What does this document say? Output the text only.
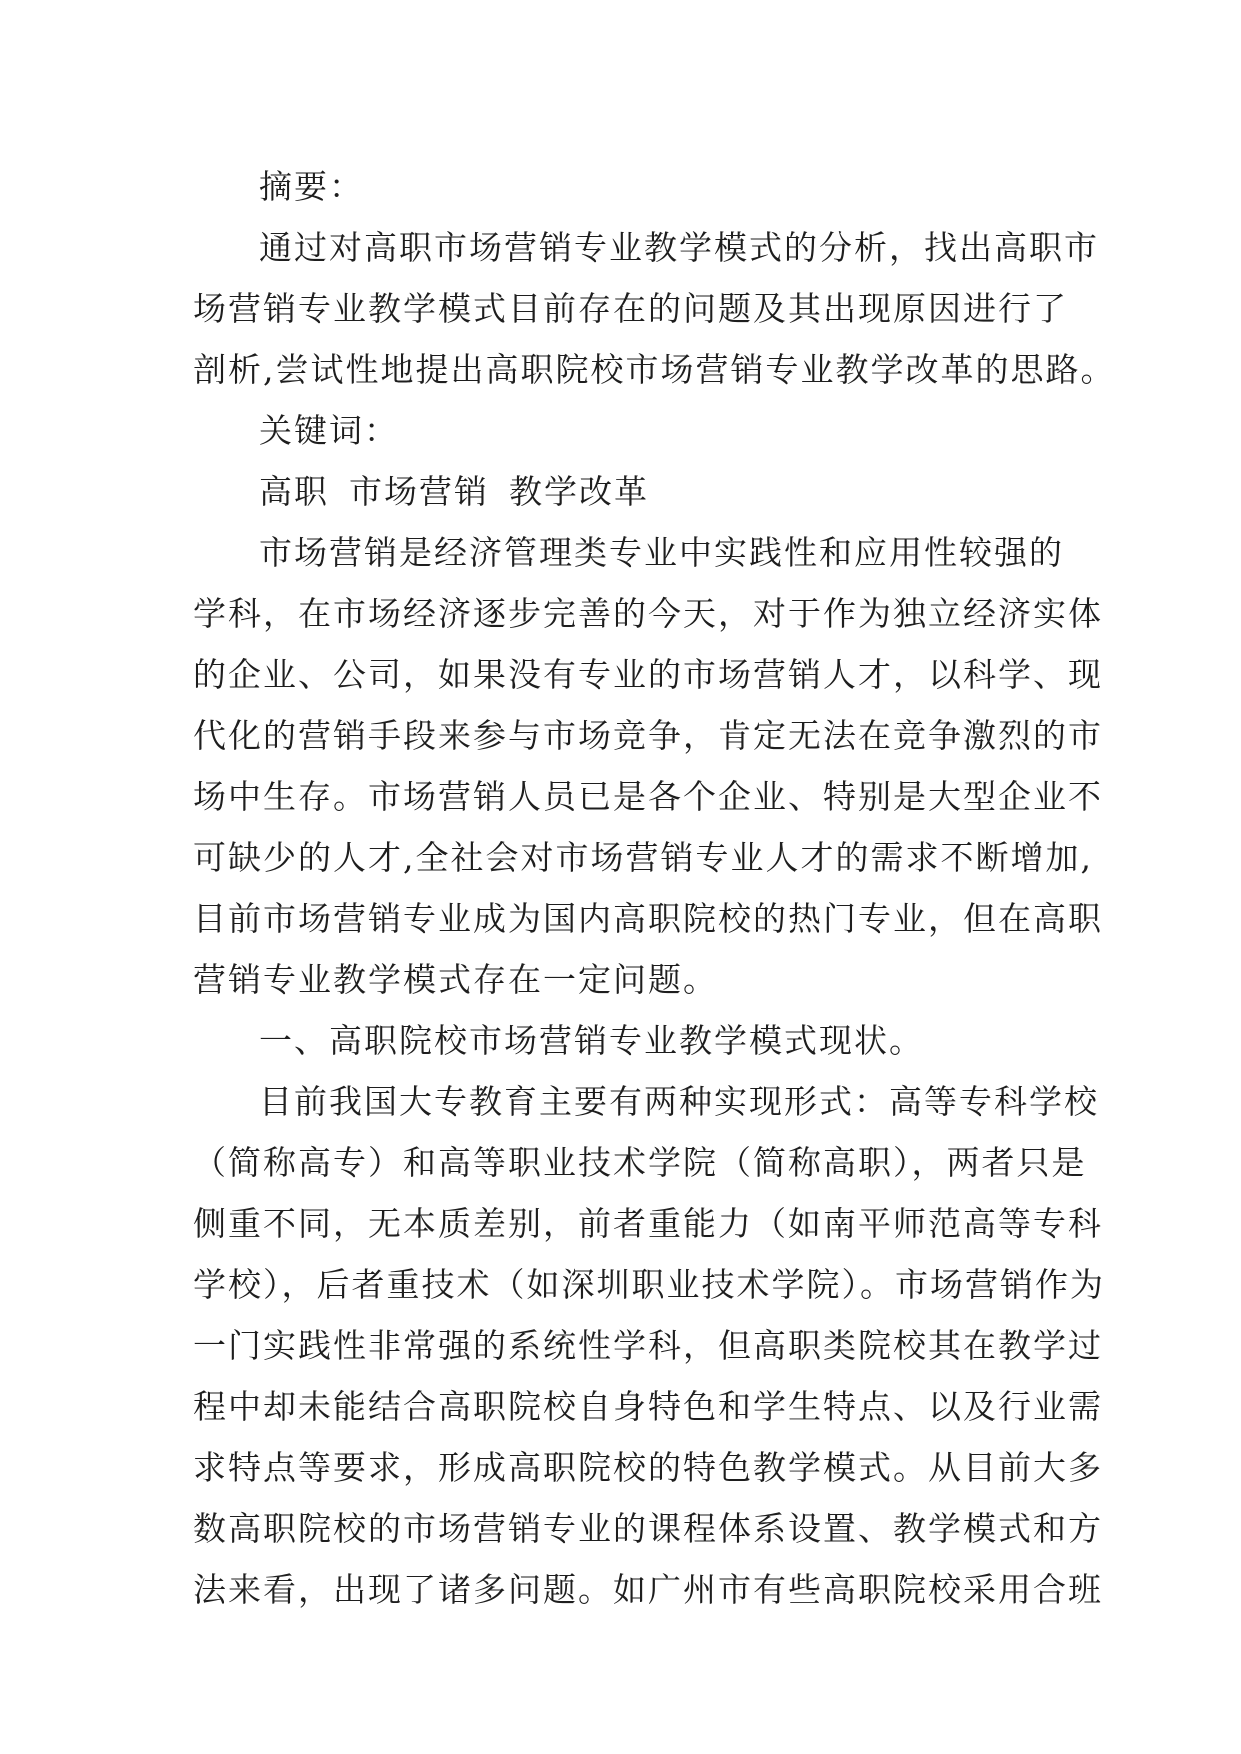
摘要：
通过对高职市场营销专业教学模式的分析，找出高职市
场营销专业教学模式目前存在的问题及其出现原因进行了
剖析,尝试性地提出高职院校市场营销专业教学改革的思路。
关键词：
高职 市场营销 教学改革
市场营销是经济管理类专业中实践性和应用性较强的
学科，在市场经济逐步完善的今天，对于作为独立经济实体
的企业、公司，如果没有专业的市场营销人才，以科学、现
代化的营销手段来参与市场竞争，肯定无法在竞争激烈的市
场中生存。市场营销人员已是各个企业、特别是大型企业不
可缺少的人才,全社会对市场营销专业人才的需求不断增加,
目前市场营销专业成为国内高职院校的热门专业，但在高职
营销专业教学模式存在一定问题。
一、高职院校市场营销专业教学模式现状。
目前我国大专教育主要有两种实现形式：高等专科学校
（简称高专）和高等职业技术学院（简称高职），两者只是
侧重不同，无本质差别，前者重能力（如南平师范高等专科
学校），后者重技术（如深圳职业技术学院）。市场营销作为
一门实践性非常强的系统性学科，但高职类院校其在教学过
程中却未能结合高职院校自身特色和学生特点、以及行业需
求特点等要求，形成高职院校的特色教学模式。从目前大多
数高职院校的市场营销专业的课程体系设置、教学模式和方
法来看，出现了诸多问题。如广州市有些高职院校采用合班
